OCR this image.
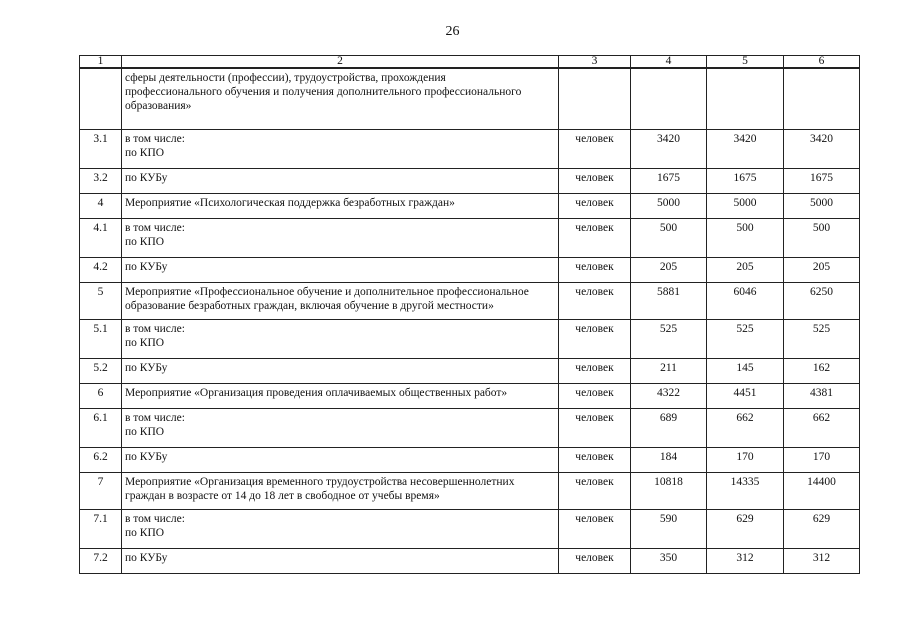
26
1	2	3	4	5	6

	сферы деятельности (профессии), трудоустройства, прохождения
профессионального обучения и получения дополнительного профессионального
образования»				

3.1	в том числе:
по КПО	человек	3420	3420	3420
3.2	по КУБу	человек	1675	1675	1675
4	Мероприятие «Психологическая поддержка безработных граждан»	человек	5000	5000	5000
4.1	в том числе:
по КПО	человек	500	500	500
4.2	по КУБу	человек	205	205	205
5	Мероприятие «Профессиональное обучение и дополнительное профессиональное
образование безработных граждан, включая обучение в другой местности»	человек	5881	6046	6250
5.1	в том числе:
по КПО	человек	525	525	525
5.2	по КУБу	человек	211	145	162
6	Мероприятие «Организация проведения оплачиваемых общественных работ»	человек	4322	4451	4381
6.1	в том числе:
по КПО	человек	689	662	662
6.2	по КУБу	человек	184	170	170
7	Мероприятие «Организация временного трудоустройства несовершеннолетних
граждан в возрасте от 14 до 18 лет в свободное от учебы время»	человек	10818	14335	14400
7.1	в том числе:
по КПО	человек	590	629	629
7.2	по КУБу	человек	350	312	312
